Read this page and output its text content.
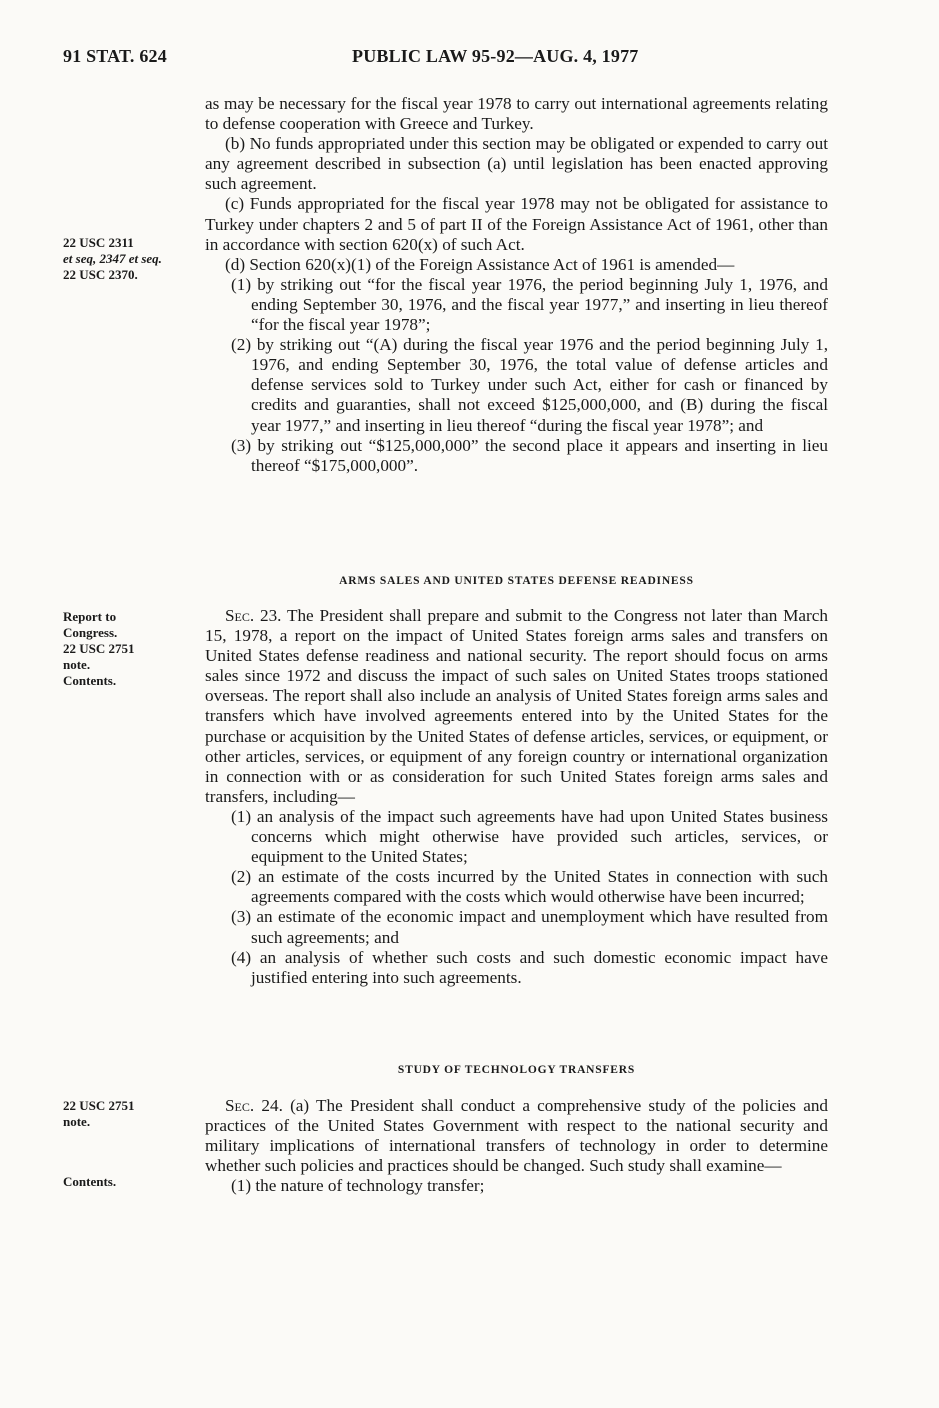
91 STAT. 624	PUBLIC LAW 95-92—AUG. 4, 1977
22 USC 2311
et seq, 2347 et seq.
22 USC 2370.
Report to
Congress.
22 USC 2751
note.
Contents.
22 USC 2751
note.
Contents.

as may be necessary for the fiscal year 1978 to carry out international agreements relating to defense cooperation with Greece and Turkey.

(b) No funds appropriated under this section may be obligated or expended to carry out any agreement described in subsection (a) until legislation has been enacted approving such agreement.

(c) Funds appropriated for the fiscal year 1978 may not be obligated for assistance to Turkey under chapters 2 and 5 of part II of the Foreign Assistance Act of 1961, other than in accordance with section 620(x) of such Act.

(d) Section 620(x)(1) of the Foreign Assistance Act of 1961 is amended—

(1) by striking out “for the fiscal year 1976, the period beginning July 1, 1976, and ending September 30, 1976, and the fiscal year 1977,” and inserting in lieu thereof “for the fiscal year 1978”;

(2) by striking out “(A) during the fiscal year 1976 and the period beginning July 1, 1976, and ending September 30, 1976, the total value of defense articles and defense services sold to Turkey under such Act, either for cash or financed by credits and guaranties, shall not exceed $125,000,000, and (B) during the fiscal year 1977,” and inserting in lieu thereof “during the fiscal year 1978”; and

(3) by striking out “$125,000,000” the second place it appears and inserting in lieu thereof “$175,000,000”.

ARMS SALES AND UNITED STATES DEFENSE READINESS

Sec. 23. The President shall prepare and submit to the Congress not later than March 15, 1978, a report on the impact of United States foreign arms sales and transfers on United States defense readiness and national security. The report should focus on arms sales since 1972 and discuss the impact of such sales on United States troops stationed overseas. The report shall also include an analysis of United States foreign arms sales and transfers which have involved agreements entered into by the United States for the purchase or acquisition by the United States of defense articles, services, or equipment, or other articles, services, or equipment of any foreign country or international organization in connection with or as consideration for such United States foreign arms sales and transfers, including—

(1) an analysis of the impact such agreements have had upon United States business concerns which might otherwise have provided such articles, services, or equipment to the United States;

(2) an estimate of the costs incurred by the United States in connection with such agreements compared with the costs which would otherwise have been incurred;

(3) an estimate of the economic impact and unemployment which have resulted from such agreements; and

(4) an analysis of whether such costs and such domestic economic impact have justified entering into such agreements.

STUDY OF TECHNOLOGY TRANSFERS

Sec. 24. (a) The President shall conduct a comprehensive study of the policies and practices of the United States Government with respect to the national security and military implications of international transfers of technology in order to determine whether such policies and practices should be changed. Such study shall examine—

(1) the nature of technology transfer;
